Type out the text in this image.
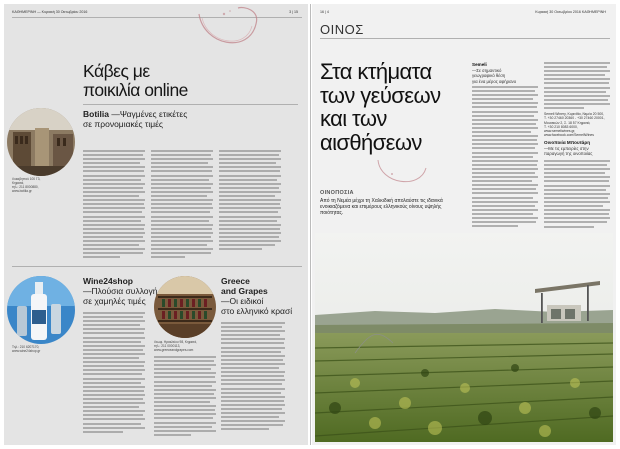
ΚΑΘΗΜΕΡΙΝΗ — Κυριακή 30 Οκτωβρίου 2016	3 | 15
Κάβες με
ποικιλία online
Λυκαβηττού 100 Γ3,
Κηφισιά,
τηλ.: 211 8000880,
www.botilia.gr
Botilia —Ψαγμένες ετικέτες
σε προνομιακές τιμές
Τηλ.: 210 6207170,
www.wine24shop.gr
Wine24shop
—Πλούσια συλλογή
σε χαμηλές τιμές
Λεωφ. Ηρακλείου 98, Κηφισιά,
τηλ.: 211 0000113,
www.greeceandgrapes.com
Greece
and Grapes
—Οι ειδικοί
στο ελληνικό κρασί
16 | 4	Κυριακή 30 Οκτωβρίου 2016 ΚΑΘΗΜΕΡΙΝΗ
ΟΙΝΟΣ
Στα κτήματα
των γεύσεων
και των
αισθήσεων
ΟΙΝΟΠΟΣΙΑ
Από τη Νεμέα μέχρι τη Χαλκιδική απολαύστε τις ιδανικά ενοικιαζόμενα και επιμέρους ελληνικούς οίνους υψηλής ποιότητας.
Semeli
—Σε σημαντικό
γεωγραφικό θέση
για ένα μέρος αφήρανο
Semeli Winery, Κορινθία, Νεμέα 20 500,
Τ. +30 27460 20360 - +30 27460 20001,
Μουσικών 2, Σ. 18 57 Κηφισιά,
Τ. +30 210 8083 6000,
www.semeliwines.gr,
www.facebook.com/SemeliWines
Οινοποιία Μπουτάρη
—Με τις εμπειρίες στην
παραγωγή της οινοποιίας
